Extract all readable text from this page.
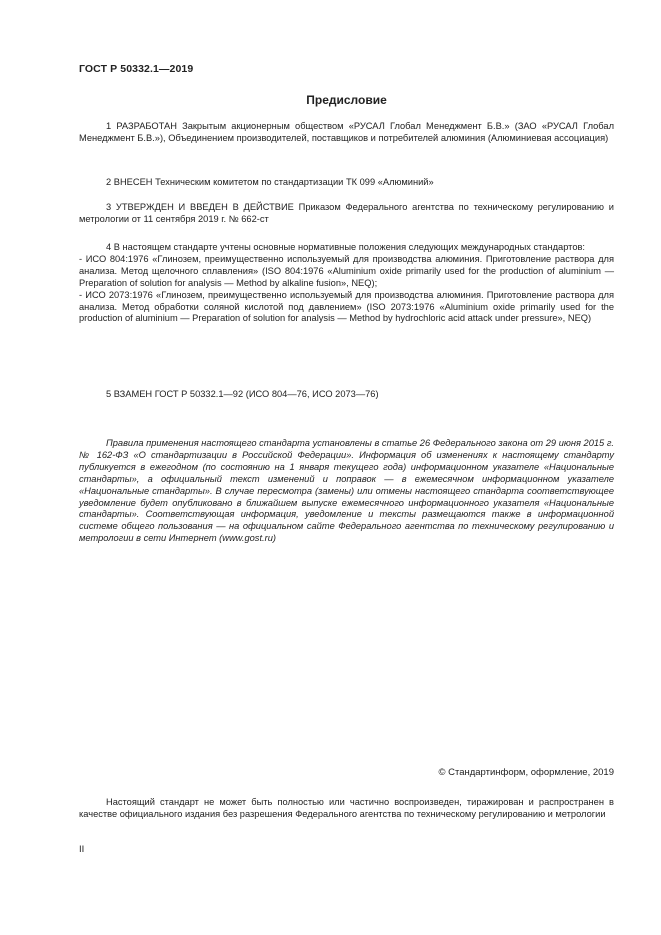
ГОСТ Р 50332.1—2019
Предисловие

1 РАЗРАБОТАН Закрытым акционерным обществом «РУСАЛ Глобал Менеджмент Б.В.» (ЗАО «РУСАЛ Глобал Менеджмент Б.В.»), Объединением производителей, поставщиков и потребителей алюминия (Алюминиевая ассоциация)

2 ВНЕСЕН Техническим комитетом по стандартизации ТК 099 «Алюминий»

3 УТВЕРЖДЕН И ВВЕДЕН В ДЕЙСТВИЕ Приказом Федерального агентства по техническому регулированию и метрологии от 11 сентября 2019 г. № 662-ст

4 В настоящем стандарте учтены основные нормативные положения следующих международных стандартов:

- ИСО 804:1976 «Глинозем, преимущественно используемый для производства алюминия. Приготовление раствора для анализа. Метод щелочного сплавления» (ISO 804:1976 «Aluminium oxide primarily used for the production of aluminium — Preparation of solution for analysis — Method by alkaline fusion», NEQ);

- ИСО 2073:1976 «Глинозем, преимущественно используемый для производства алюминия. Приготовление раствора для анализа. Метод обработки соляной кислотой под давлением» (ISO 2073:1976 «Aluminium oxide primarily used for the production of aluminium — Preparation of solution for analysis — Method by hydrochloric acid attack under pressure», NEQ)

5 ВЗАМЕН ГОСТ Р 50332.1—92 (ИСО 804—76, ИСО 2073—76)

Правила применения настоящего стандарта установлены в статье 26 Федерального закона от 29 июня 2015 г. № 162-ФЗ «О стандартизации в Российской Федерации». Информация об изменениях к настоящему стандарту публикуется в ежегодном (по состоянию на 1 января текущего года) информационном указателе «Национальные стандарты», а официальный текст изменений и поправок — в ежемесячном информационном указателе «Национальные стандарты». В случае пересмотра (замены) или отмены настоящего стандарта соответствующее уведомление будет опубликовано в ближайшем выпуске ежемесячного информационного указателя «Национальные стандарты». Соответствующая информация, уведомление и тексты размещаются также в информационной системе общего пользования — на официальном сайте Федерального агентства по техническому регулированию и метрологии в сети Интернет (www.gost.ru)

© Стандартинформ, оформление, 2019

Настоящий стандарт не может быть полностью или частично воспроизведен, тиражирован и распространен в качестве официального издания без разрешения Федерального агентства по техническому регулированию и метрологии

II
